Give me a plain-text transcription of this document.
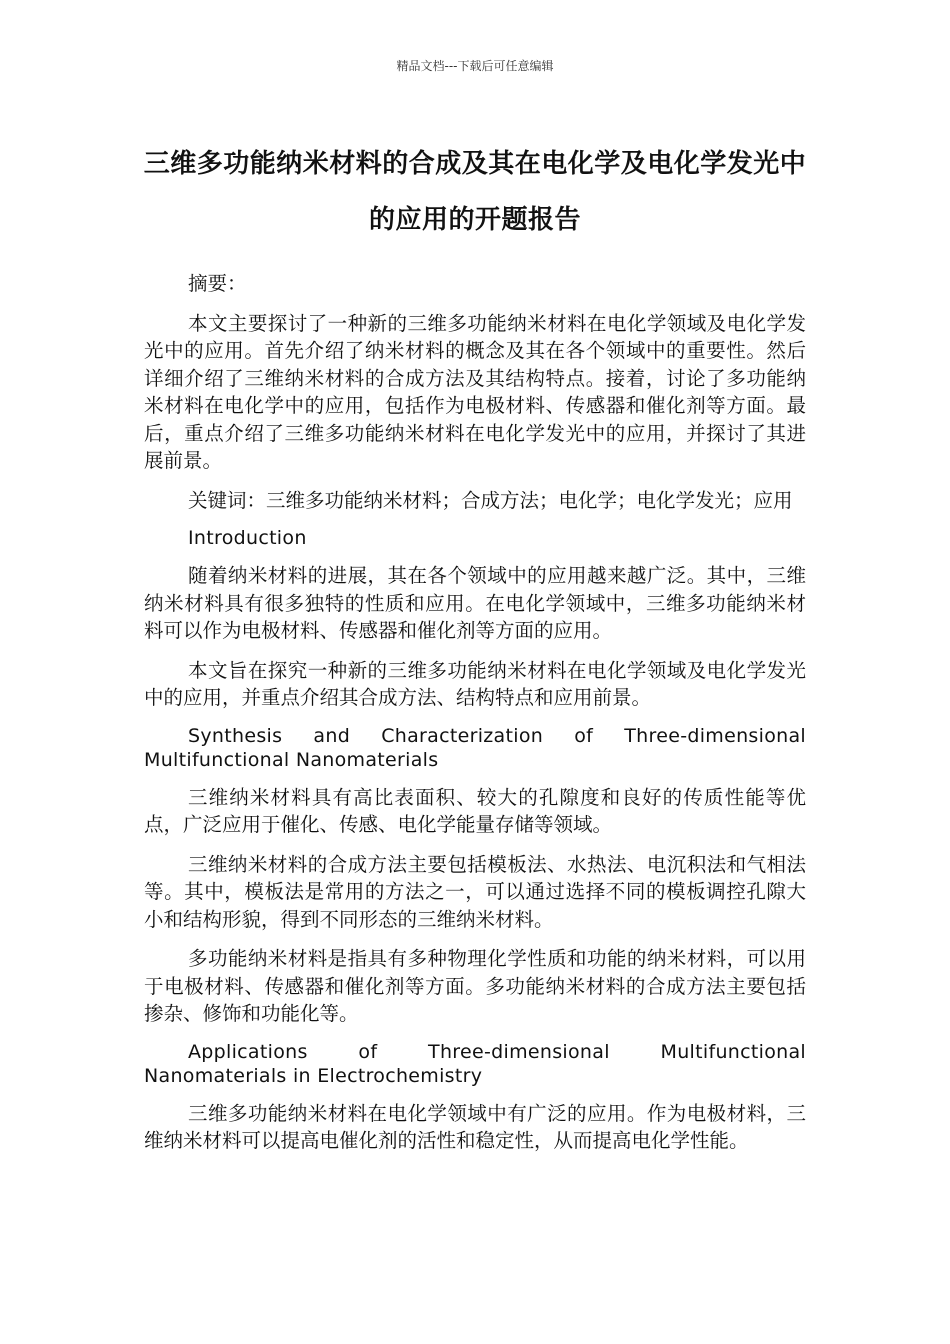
精品文档---下载后可任意编辑
三维多功能纳米材料的合成及其在电化学及电化学发光中的应用的开题报告

摘要：

本文主要探讨了一种新的三维多功能纳米材料在电化学领域及电化学发光中的应用。首先介绍了纳米材料的概念及其在各个领域中的重要性。然后详细介绍了三维纳米材料的合成方法及其结构特点。接着，讨论了多功能纳米材料在电化学中的应用，包括作为电极材料、传感器和催化剂等方面。最后，重点介绍了三维多功能纳米材料在电化学发光中的应用，并探讨了其进展前景。

关键词：三维多功能纳米材料；合成方法；电化学；电化学发光；应用

Introduction

随着纳米材料的进展，其在各个领域中的应用越来越广泛。其中，三维纳米材料具有很多独特的性质和应用。在电化学领域中，三维多功能纳米材料可以作为电极材料、传感器和催化剂等方面的应用。

本文旨在探究一种新的三维多功能纳米材料在电化学领域及电化学发光中的应用，并重点介绍其合成方法、结构特点和应用前景。

Synthesis and Characterization of Three-dimensional Multifunctional Nanomaterials

三维纳米材料具有高比表面积、较大的孔隙度和良好的传质性能等优点，广泛应用于催化、传感、电化学能量存储等领域。

三维纳米材料的合成方法主要包括模板法、水热法、电沉积法和气相法等。其中，模板法是常用的方法之一，可以通过选择不同的模板调控孔隙大小和结构形貌，得到不同形态的三维纳米材料。

多功能纳米材料是指具有多种物理化学性质和功能的纳米材料，可以用于电极材料、传感器和催化剂等方面。多功能纳米材料的合成方法主要包括掺杂、修饰和功能化等。

Applications of Three-dimensional Multifunctional Nanomaterials in Electrochemistry

三维多功能纳米材料在电化学领域中有广泛的应用。作为电极材料，三维纳米材料可以提高电催化剂的活性和稳定性，从而提高电化学性能。
